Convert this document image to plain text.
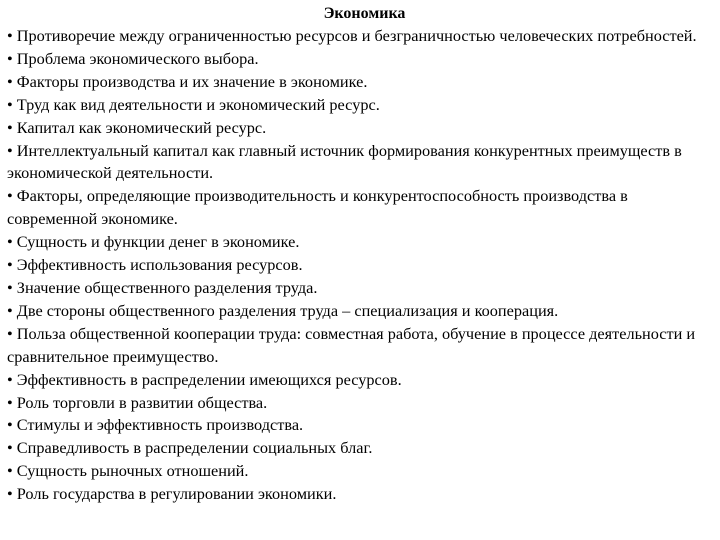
Экономика
• Противоречие между ограниченностью ресурсов и безграничностью человеческих потребностей.
• Проблема экономического выбора.
• Факторы производства и их значение в экономике.
• Труд как вид деятельности и экономический ресурс.
• Капитал как экономический ресурс.
• Интеллектуальный капитал как главный источник формирования конкурентных преимуществ в экономической деятельности.
• Факторы, определяющие производительность и конкурентоспособность производства в современной экономике.
• Сущность и функции денег в экономике.
• Эффективность использования ресурсов.
• Значение общественного разделения труда.
• Две стороны общественного разделения труда – специализация и кооперация.
• Польза общественной кооперации труда: совместная работа, обучение в процессе деятельности и сравнительное преимущество.
• Эффективность в распределении имеющихся ресурсов.
• Роль торговли в развитии общества.
• Стимулы и эффективность производства.
• Справедливость в распределении социальных благ.
• Сущность рыночных отношений.
• Роль государства в регулировании экономики.
